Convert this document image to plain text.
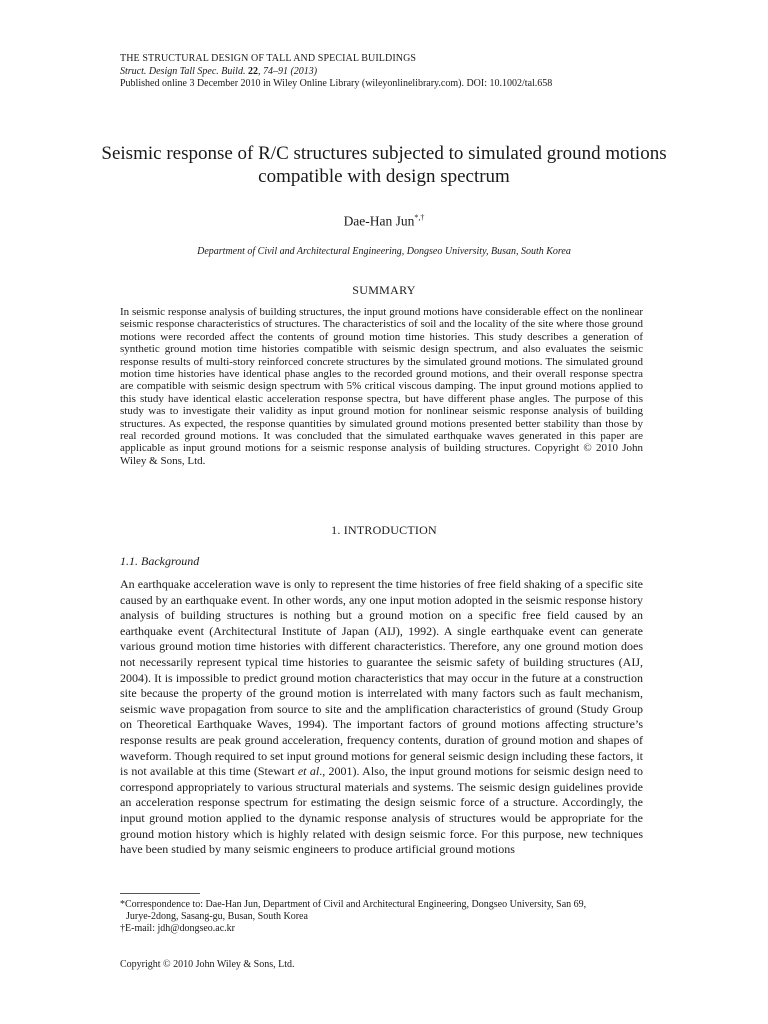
THE STRUCTURAL DESIGN OF TALL AND SPECIAL BUILDINGS
Struct. Design Tall Spec. Build. 22, 74–91 (2013)
Published online 3 December 2010 in Wiley Online Library (wileyonlinelibrary.com). DOI: 10.1002/tal.658
Seismic response of R/C structures subjected to simulated ground motions compatible with design spectrum
Dae-Han Jun*,†
Department of Civil and Architectural Engineering, Dongseo University, Busan, South Korea
SUMMARY

In seismic response analysis of building structures, the input ground motions have considerable effect on the nonlinear seismic response characteristics of structures. The characteristics of soil and the locality of the site where those ground motions were recorded affect the contents of ground motion time histories. This study describes a generation of synthetic ground motion time histories compatible with seismic design spectrum, and also evaluates the seismic response results of multi-story reinforced concrete structures by the simulated ground motions. The simulated ground motion time histories have identical phase angles to the recorded ground motions, and their overall response spectra are compatible with seismic design spectrum with 5% critical viscous damping. The input ground motions applied to this study have identical elastic acceleration response spectra, but have different phase angles. The purpose of this study was to investigate their validity as input ground motion for nonlinear seismic response analysis of building structures. As expected, the response quantities by simulated ground motions presented better stability than those by real recorded ground motions. It was concluded that the simulated earthquake waves generated in this paper are applicable as input ground motions for a seismic response analysis of building structures. Copyright © 2010 John Wiley & Sons, Ltd.

1. INTRODUCTION
1.1. Background

An earthquake acceleration wave is only to represent the time histories of free field shaking of a specific site caused by an earthquake event. In other words, any one input motion adopted in the seismic response history analysis of building structures is nothing but a ground motion on a specific free field caused by an earthquake event (Architectural Institute of Japan (AIJ), 1992). A single earthquake event can generate various ground motion time histories with different characteristics. Therefore, any one ground motion does not necessarily represent typical time histories to guarantee the seismic safety of building structures (AIJ, 2004). It is impossible to predict ground motion characteristics that may occur in the future at a construction site because the property of the ground motion is interrelated with many factors such as fault mechanism, seismic wave propagation from source to site and the amplification characteristics of ground (Study Group on Theoretical Earthquake Waves, 1994). The important factors of ground motions affecting structure’s response results are peak ground acceleration, frequency contents, duration of ground motion and shapes of waveform. Though required to set input ground motions for general seismic design including these factors, it is not available at this time (Stewart et al., 2001). Also, the input ground motions for seismic design need to correspond appropriately to various structural materials and systems. The seismic design guidelines provide an acceleration response spectrum for estimating the design seismic force of a structure. Accordingly, the input ground motion applied to the dynamic response analysis of structures would be appropriate for the ground motion history which is highly related with design seismic force. For this purpose, new techniques have been studied by many seismic engineers to produce artificial ground motions

*Correspondence to: Dae-Han Jun, Department of Civil and Architectural Engineering, Dongseo University, San 69,

Jurye-2dong, Sasang-gu, Busan, South Korea

†E-mail: jdh@dongseo.ac.kr

Copyright © 2010 John Wiley & Sons, Ltd.
